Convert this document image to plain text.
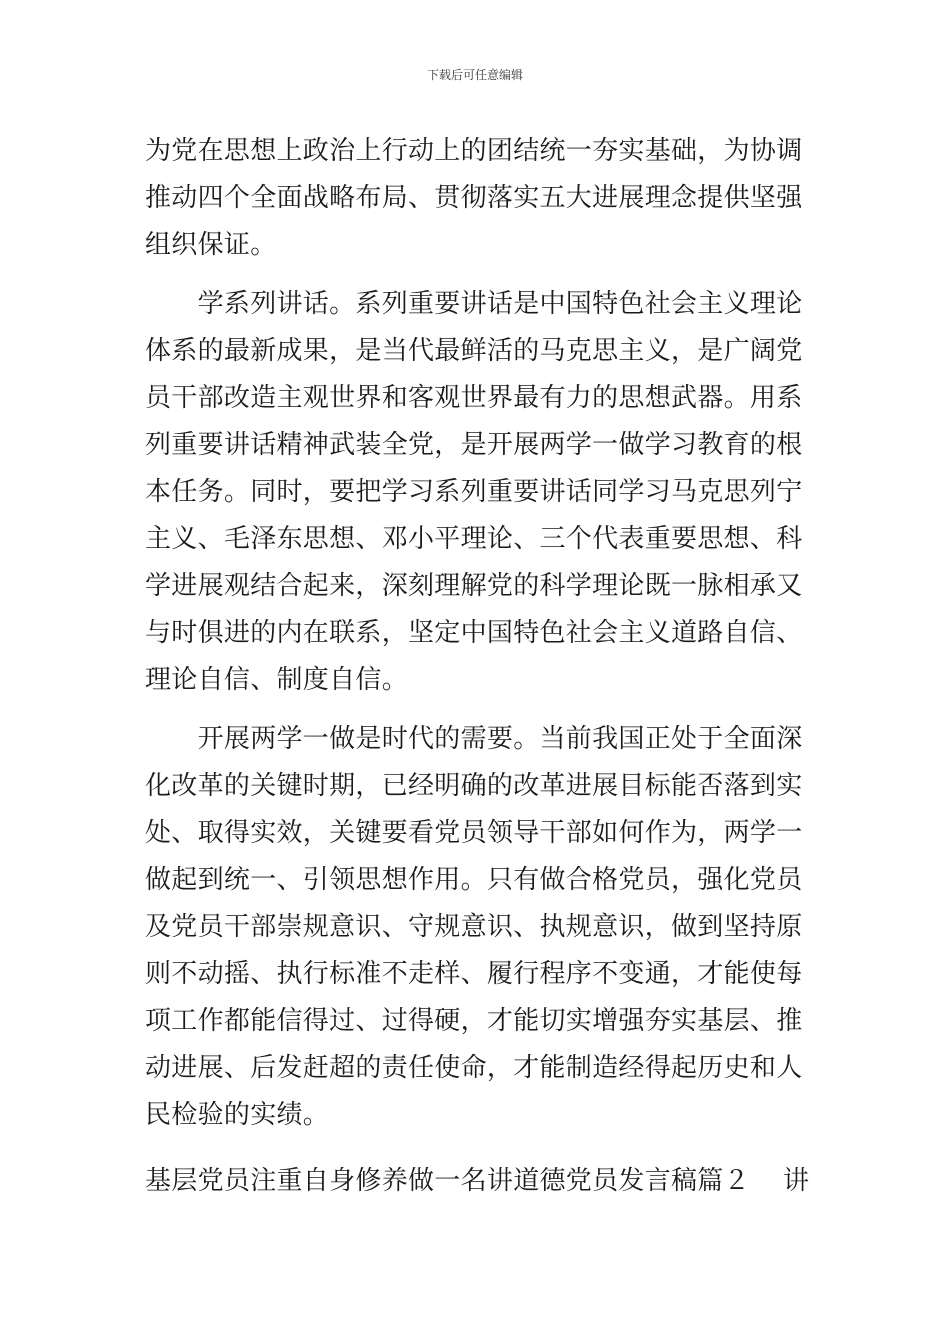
下载后可任意编辑
为党在思想上政治上行动上的团结统一夯实基础，为协调
推动四个全面战略布局、贯彻落实五大进展理念提供坚强
组织保证。
　　学系列讲话。系列重要讲话是中国特色社会主义理论
体系的最新成果，是当代最鲜活的马克思主义，是广阔党
员干部改造主观世界和客观世界最有力的思想武器。用系
列重要讲话精神武装全党，是开展两学一做学习教育的根
本任务。同时，要把学习系列重要讲话同学习马克思列宁
主义、毛泽东思想、邓小平理论、三个代表重要思想、科
学进展观结合起来，深刻理解党的科学理论既一脉相承又
与时俱进的内在联系，坚定中国特色社会主义道路自信、
理论自信、制度自信。
　　开展两学一做是时代的需要。当前我国正处于全面深
化改革的关键时期，已经明确的改革进展目标能否落到实
处、取得实效，关键要看党员领导干部如何作为，两学一
做起到统一、引领思想作用。只有做合格党员，强化党员
及党员干部崇规意识、守规意识、执规意识，做到坚持原
则不动摇、执行标准不走样、履行程序不变通，才能使每
项工作都能信得过、过得硬，才能切实增强夯实基层、推
动进展、后发赶超的责任使命，才能制造经得起历史和人
民检验的实绩。
基层党员注重自身修养做一名讲道德党员发言稿篇２	讲
